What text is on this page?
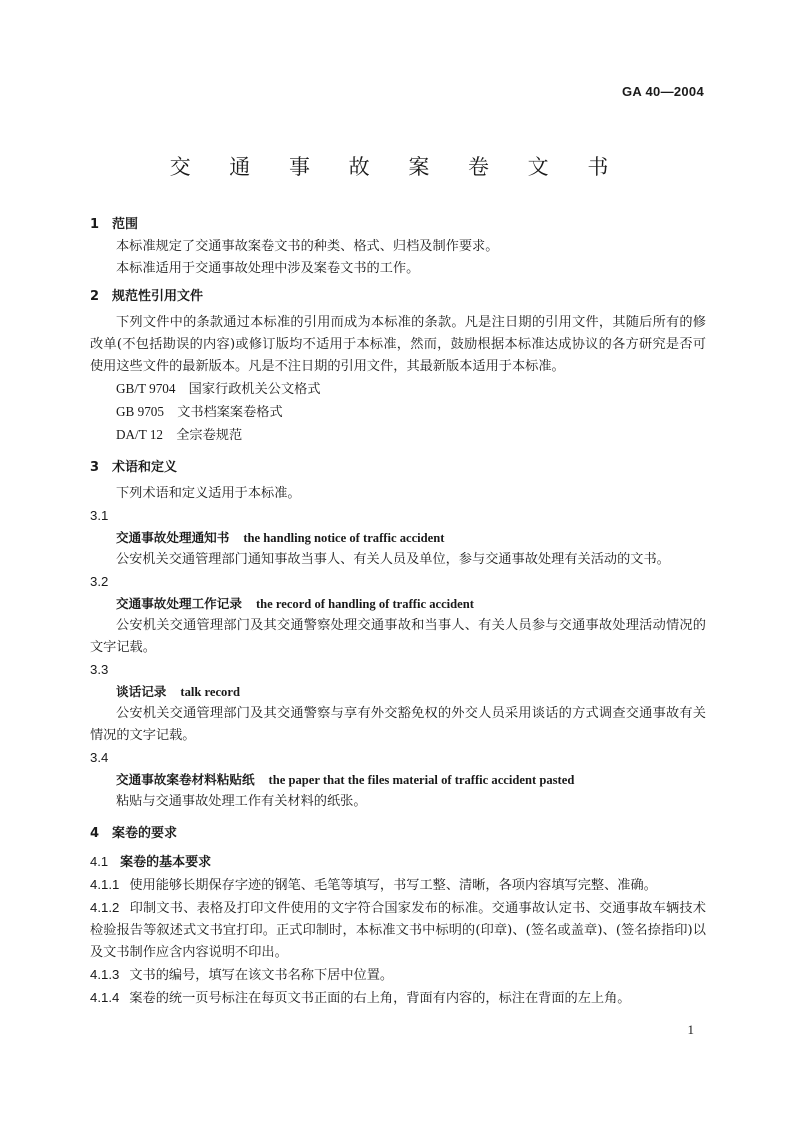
GA 40—2004
交 通 事 故 案 卷 文 书
1 范围
本标准规定了交通事故案卷文书的种类、格式、归档及制作要求。
本标准适用于交通事故处理中涉及案卷文书的工作。
2 规范性引用文件
下列文件中的条款通过本标准的引用而成为本标准的条款。凡是注日期的引用文件，其随后所有的修改单(不包括勘误的内容)或修订版均不适用于本标准，然而，鼓励根据本标准达成协议的各方研究是否可使用这些文件的最新版本。凡是不注日期的引用文件，其最新版本适用于本标准。
GB/T 9704　 国家行政机关公文格式
GB 9705　 文书档案案卷格式
DA/T 12　 全宗卷规范
3 术语和定义
下列术语和定义适用于本标准。
3.1
交通事故处理通知书 the handling notice of traffic accident
公安机关交通管理部门通知事故当事人、有关人员及单位，参与交通事故处理有关活动的文书。
3.2
交通事故处理工作记录 the record of handling of traffic accident
公安机关交通管理部门及其交通警察处理交通事故和当事人、有关人员参与交通事故处理活动情况的文字记载。
3.3
谈话记录 talk record
公安机关交通管理部门及其交通警察与享有外交豁免权的外交人员采用谈话的方式调查交通事故有关情况的文字记载。
3.4
交通事故案卷材料粘贴纸 the paper that the files material of traffic accident pasted
粘贴与交通事故处理工作有关材料的纸张。
4 案卷的要求
4.1 案卷的基本要求
4.1.1 使用能够长期保存字迹的钢笔、毛笔等填写，书写工整、清晰，各项内容填写完整、准确。
4.1.2 印制文书、表格及打印文件使用的文字符合国家发布的标准。交通事故认定书、交通事故车辆技术检验报告等叙述式文书宜打印。正式印制时，本标准文书中标明的(印章)、(签名或盖章)、(签名捺指印)以及文书制作应含内容说明不印出。
4.1.3 文书的编号，填写在该文书名称下居中位置。
4.1.4 案卷的统一页号标注在每页文书正面的右上角，背面有内容的，标注在背面的左上角。
1
